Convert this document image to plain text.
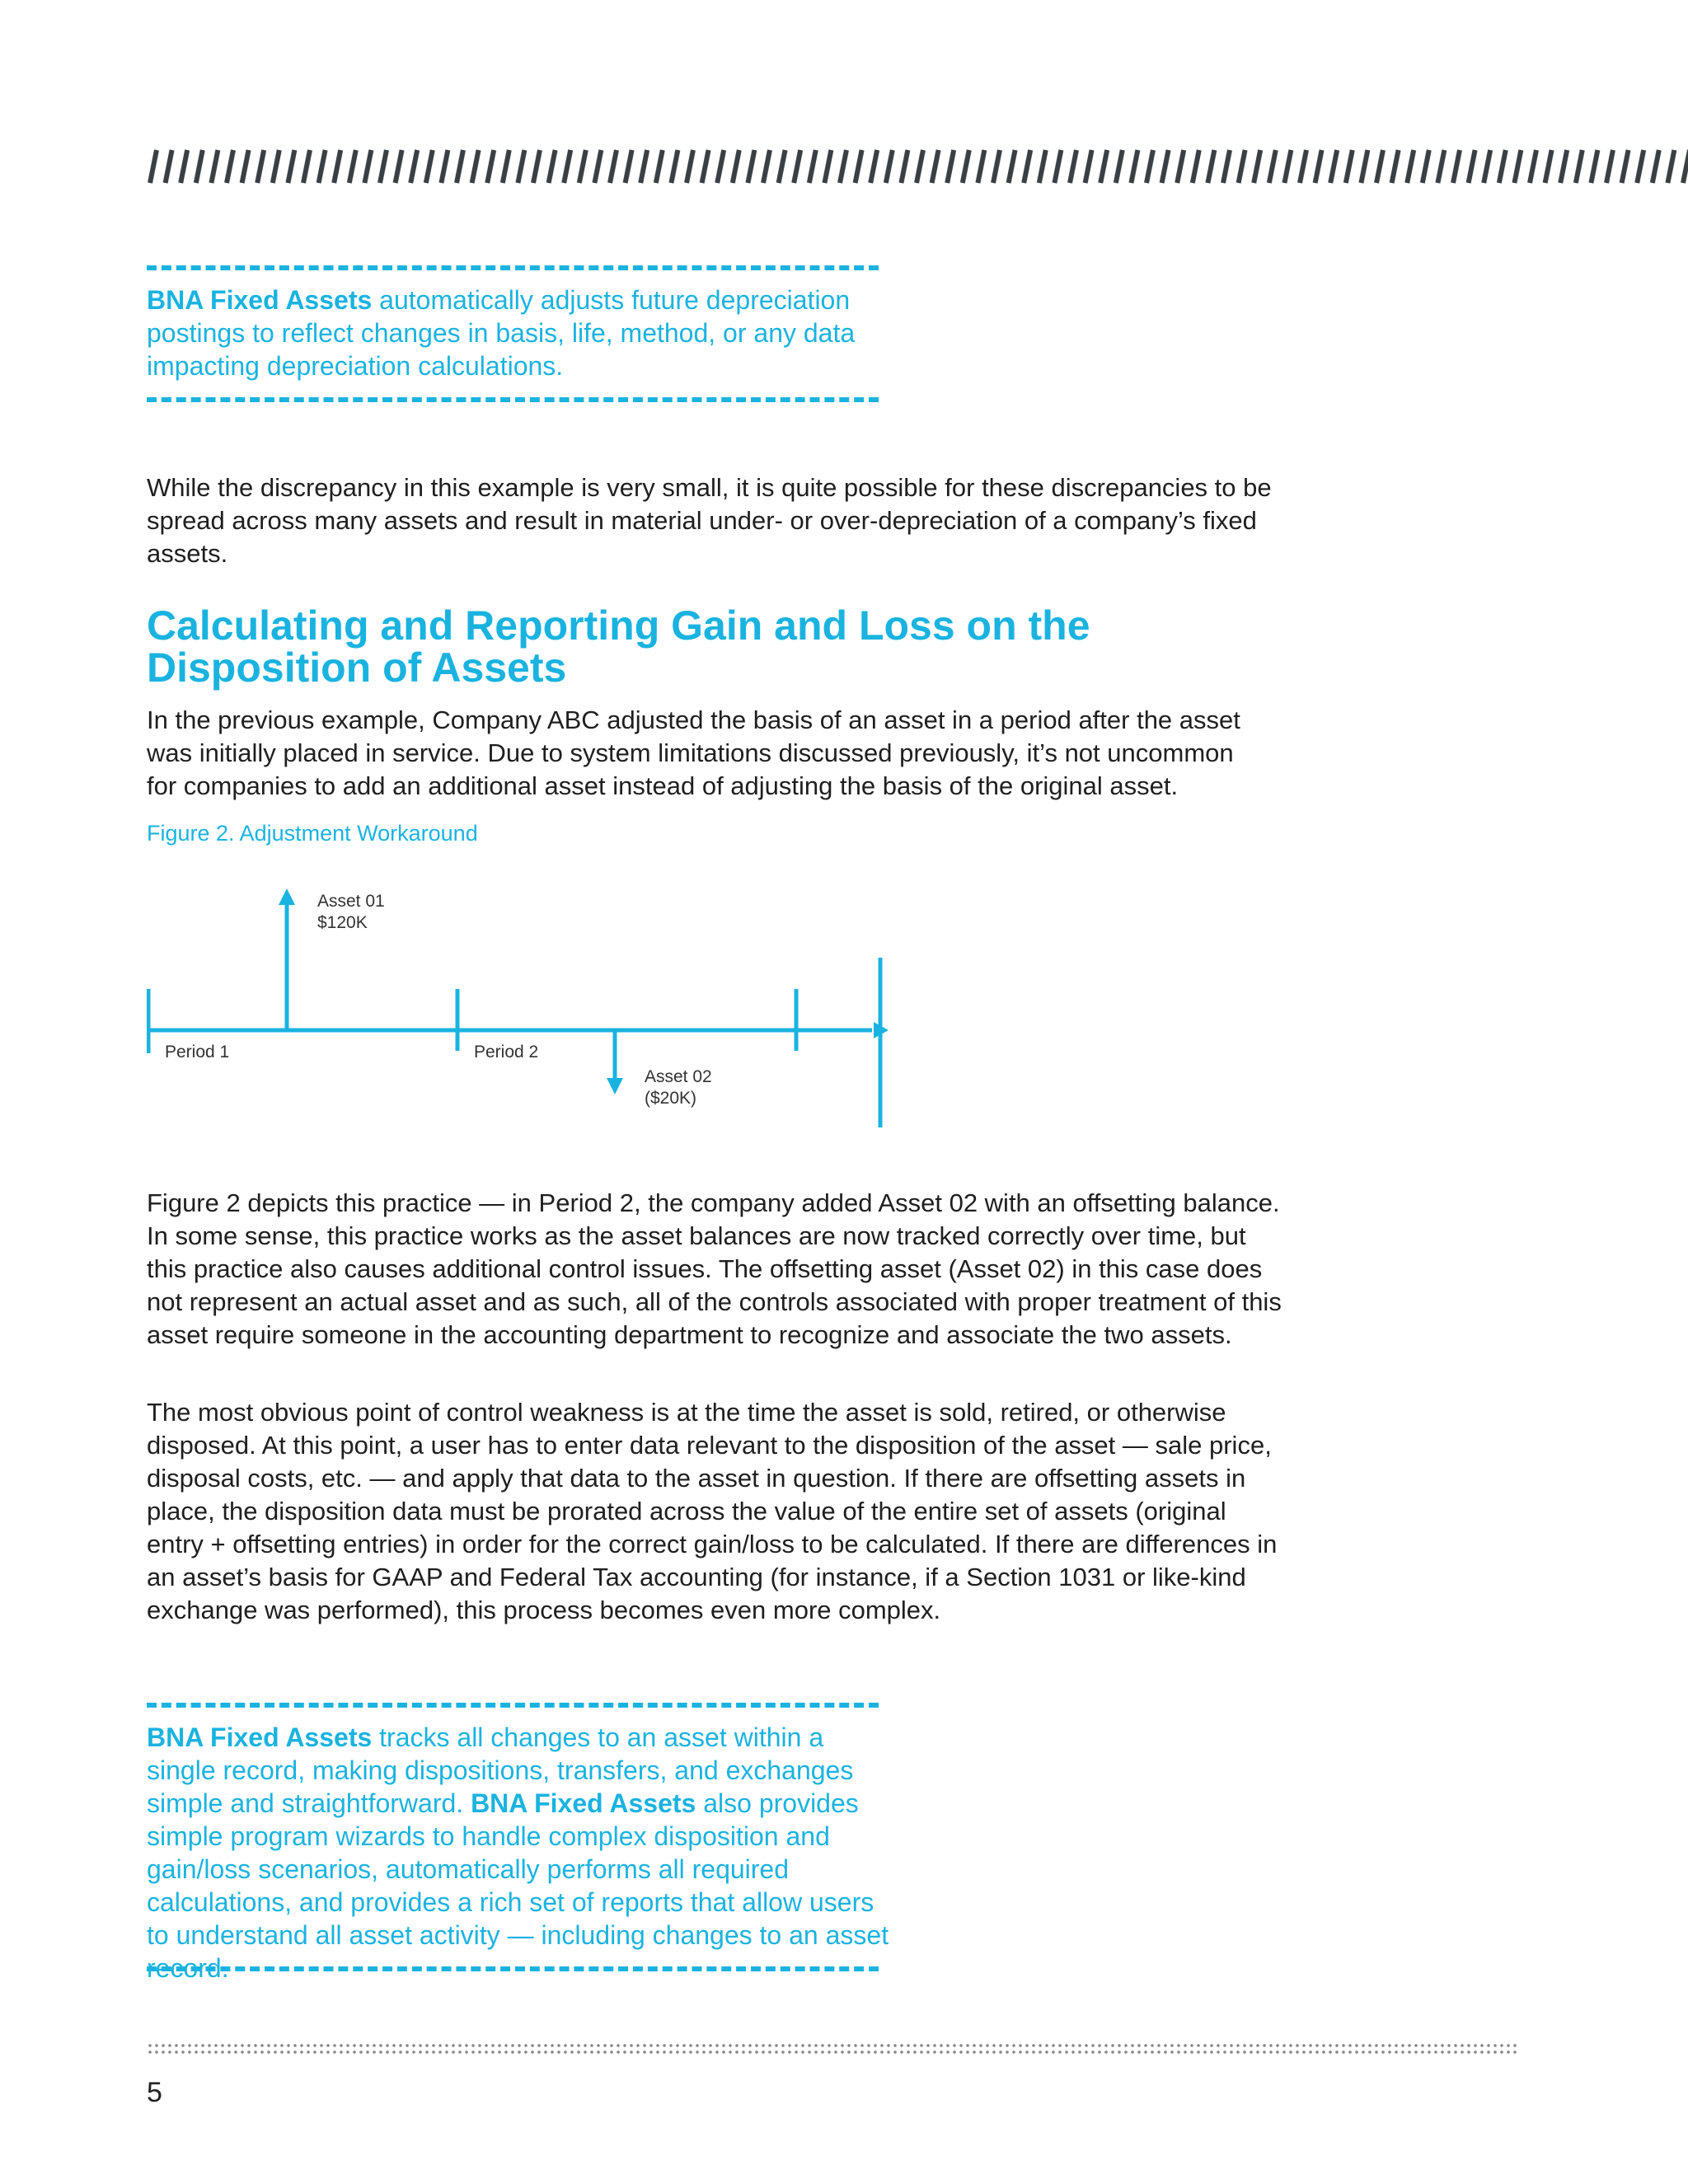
BNA Fixed Assets automatically adjusts future depreciation postings to reflect changes in basis, life, method, or any data impacting depreciation calculations.

While the discrepancy in this example is very small, it is quite possible for these discrepancies to be spread across many assets and result in material under- or over-depreciation of a company’s fixed assets.

Calculating and Reporting Gain and Loss on the Disposition of Assets

In the previous example, Company ABC adjusted the basis of an asset in a period after the asset was initially placed in service. Due to system limitations discussed previously, it’s not uncommon for companies to add an additional asset instead of adjusting the basis of the original asset.

Figure 2. Adjustment Workaround
Asset 01
$120K
Period 1	Period 2
Asset 02
($20K)

Figure 2 depicts this practice — in Period 2, the company added Asset 02 with an offsetting balance. In some sense, this practice works as the asset balances are now tracked correctly over time, but this practice also causes additional control issues. The offsetting asset (Asset 02) in this case does not represent an actual asset and as such, all of the controls associated with proper treatment of this asset require someone in the accounting department to recognize and associate the two assets.

The most obvious point of control weakness is at the time the asset is sold, retired, or otherwise disposed. At this point, a user has to enter data relevant to the disposition of the asset — sale price, disposal costs, etc. — and apply that data to the asset in question. If there are offsetting assets in place, the disposition data must be prorated across the value of the entire set of assets (original entry + offsetting entries) in order for the correct gain/loss to be calculated. If there are differences in an asset’s basis for GAAP and Federal Tax accounting (for instance, if a Section 1031 or like-kind exchange was performed), this process becomes even more complex.

BNA Fixed Assets tracks all changes to an asset within a single record, making dispositions, transfers, and exchanges simple and straightforward. BNA Fixed Assets also provides simple program wizards to handle complex disposition and gain/loss scenarios, automatically performs all required calculations, and provides a rich set of reports that allow users to understand all asset activity — including changes to an asset record.
5
